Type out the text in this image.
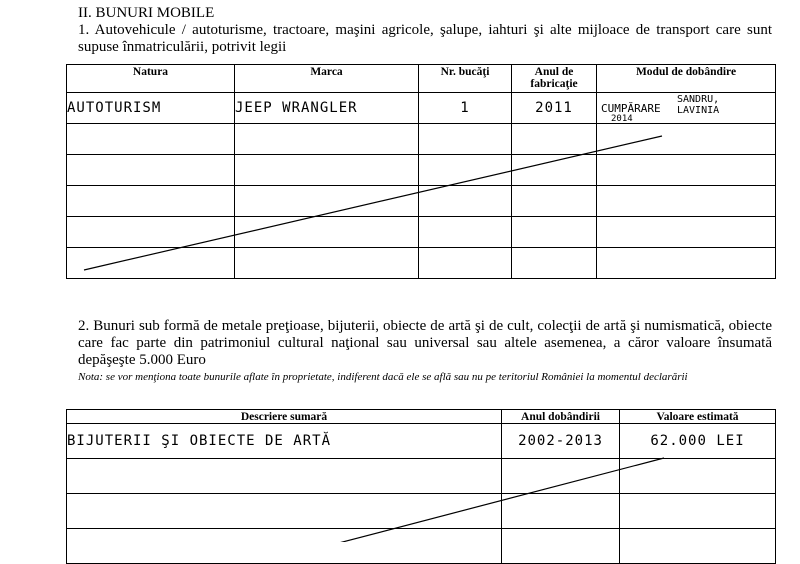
II. BUNURI MOBILE
1. Autovehicule / autoturisme, tractoare, maşini agricole, şalupe, iahturi şi alte mijloace de transport care sunt supuse înmatriculării, potrivit legii
Natura	Marca	Nr. bucăţi	Anul de fabricaţie	Modul de dobândire
AUTOTURISM	JEEP WRANGLER	1	2011	CUMPĂRARE
2014
SANDRU,
LAVINIA

2. Bunuri sub formă de metale preţioase, bijuterii, obiecte de artă şi de cult, colecţii de artă şi numismatică, obiecte care fac parte din patrimoniul cultural naţional sau universal sau altele asemenea, a căror valoare însumată depăşeşte 5.000 Euro
Nota: se vor menţiona toate bunurile aflate în proprietate, indiferent dacă ele se află sau nu pe teritoriul României la momentul declarării
Descriere sumară	Anul dobândirii	Valoare estimată
BIJUTERII ŞI OBIECTE DE ARTĂ	2002-2013	62.000 LEI
